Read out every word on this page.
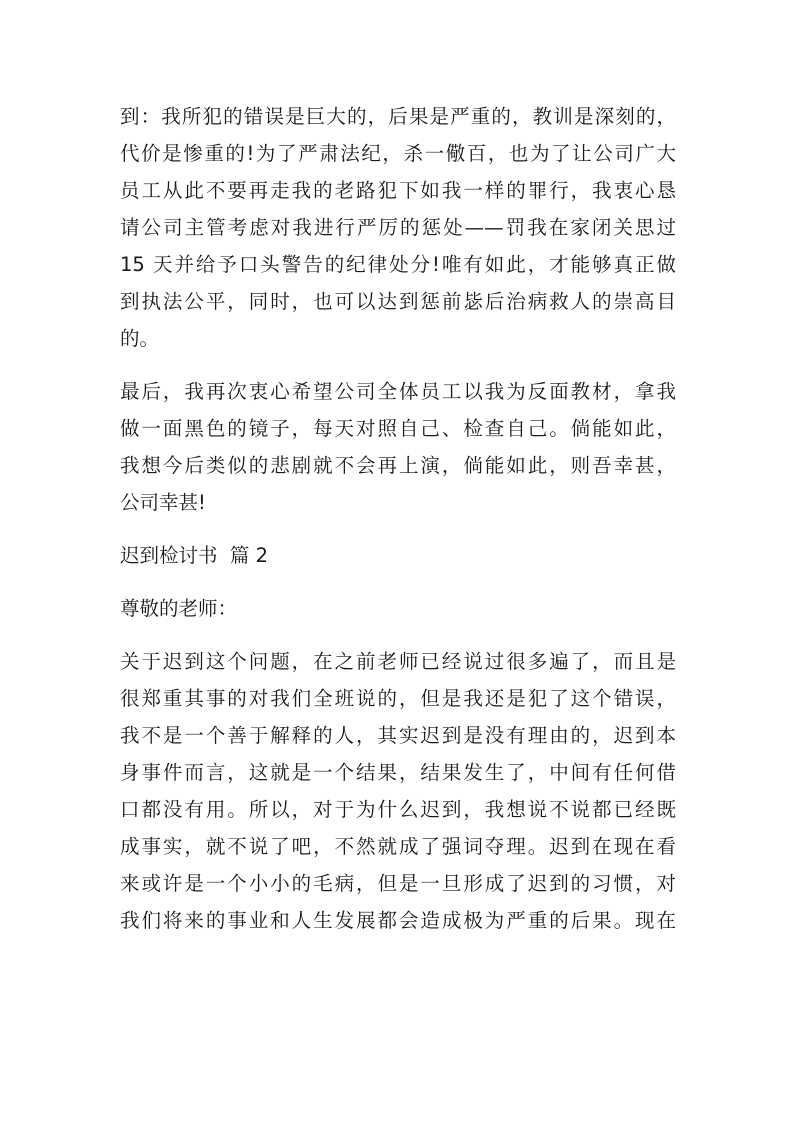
到：我所犯的错误是巨大的，后果是严重的，教训是深刻的，
代价是惨重的!为了严肃法纪，杀一儆百，也为了让公司广大
员工从此不要再走我的老路犯下如我一样的罪行，我衷心恳
请公司主管考虑对我进行严厉的惩处——罚我在家闭关思过
15 天并给予口头警告的纪律处分!唯有如此，才能够真正做
到执法公平，同时，也可以达到惩前毖后治病救人的崇高目
的。
最后，我再次衷心希望公司全体员工以我为反面教材，拿我
做一面黑色的镜子，每天对照自己、检查自己。倘能如此，
我想今后类似的悲剧就不会再上演，倘能如此，则吾幸甚，
公司幸甚!
迟到检讨书  篇 2
尊敬的老师：
关于迟到这个问题，在之前老师已经说过很多遍了，而且是
很郑重其事的对我们全班说的，但是我还是犯了这个错误，
我不是一个善于解释的人，其实迟到是没有理由的，迟到本
身事件而言，这就是一个结果，结果发生了，中间有任何借
口都没有用。所以，对于为什么迟到，我想说不说都已经既
成事实，就不说了吧，不然就成了强词夺理。迟到在现在看
来或许是一个小小的毛病，但是一旦形成了迟到的习惯，对
我们将来的事业和人生发展都会造成极为严重的后果。现在
